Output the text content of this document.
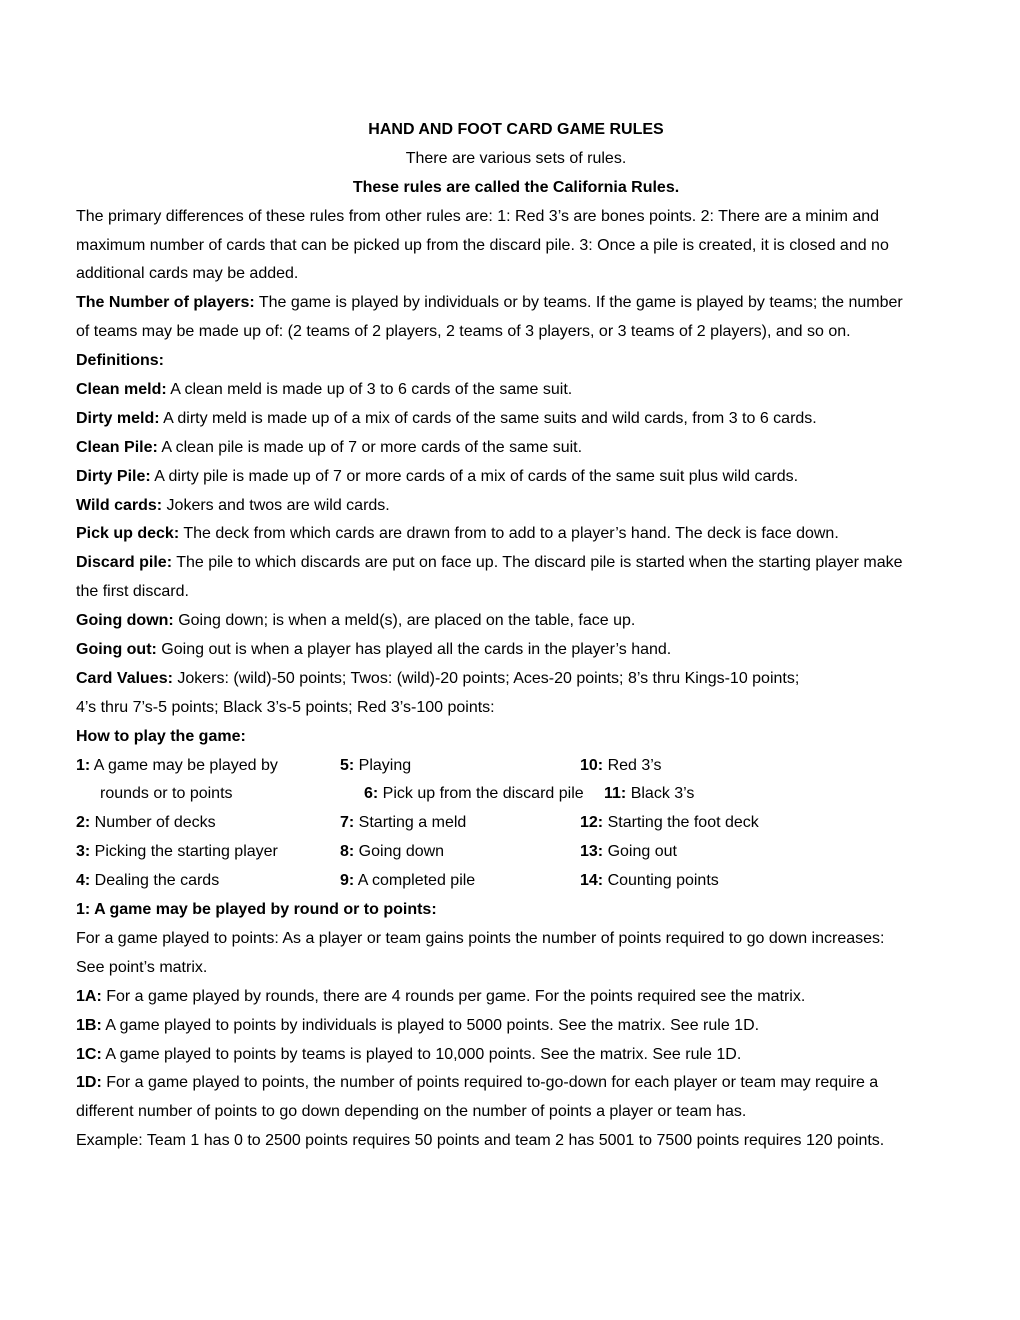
HAND AND FOOT CARD GAME RULES
There are various sets of rules.
These rules are called the California Rules.
The primary differences of these rules from other rules are: 1: Red 3’s are bones points. 2: There are a minim and
maximum number of cards that can be picked up from the discard pile. 3: Once a pile is created, it is closed and no
additional cards may be added.
The Number of players: The game is played by individuals or by teams. If the game is played by teams; the number
of teams may be made up of: (2 teams of 2 players, 2 teams of 3 players, or 3 teams of 2 players), and so on.
Definitions:
Clean meld: A clean meld is made up of 3 to 6 cards of the same suit.
Dirty meld: A dirty meld is made up of a mix of cards of the same suits and wild cards, from 3 to 6 cards.
Clean Pile: A clean pile is made up of 7 or more cards of the same suit.
Dirty Pile: A dirty pile is made up of 7 or more cards of a mix of cards of the same suit plus wild cards.
Wild cards: Jokers and twos are wild cards.
Pick up deck: The deck from which cards are drawn from to add to a player’s hand. The deck is face down.
Discard pile: The pile to which discards are put on face up. The discard pile is started when the starting player make
the first discard.
Going down: Going down; is when a meld(s), are placed on the table, face up.
Going out: Going out is when a player has played all the cards in the player’s hand.
Card Values: Jokers: (wild)-50 points; Twos: (wild)-20 points; Aces-20 points; 8’s thru Kings-10 points;
4’s thru 7’s-5 points; Black 3’s-5 points; Red 3’s-100 points:
How to play the game:
1: A game may be played by	5: Playing	10: Red 3’s
rounds or to points	6: Pick up from the discard pile	11: Black 3’s
2: Number of decks	7: Starting a meld	12: Starting the foot deck
3: Picking the starting player	8: Going down	13: Going out
4: Dealing the cards	9: A completed pile	14: Counting points
1: A game may be played by round or to points:
For a game played to points: As a player or team gains points the number of points required to go down increases:
See point’s matrix.
1A: For a game played by rounds, there are 4 rounds per game. For the points required see the matrix.
1B: A game played to points by individuals is played to 5000 points. See the matrix. See rule 1D.
1C: A game played to points by teams is played to 10,000 points. See the matrix. See rule 1D.
1D: For a game played to points, the number of points required to-go-down for each player or team may require a
different number of points to go down depending on the number of points a player or team has.
Example: Team 1 has 0 to 2500 points requires 50 points and team 2 has 5001 to 7500 points requires 120 points.
